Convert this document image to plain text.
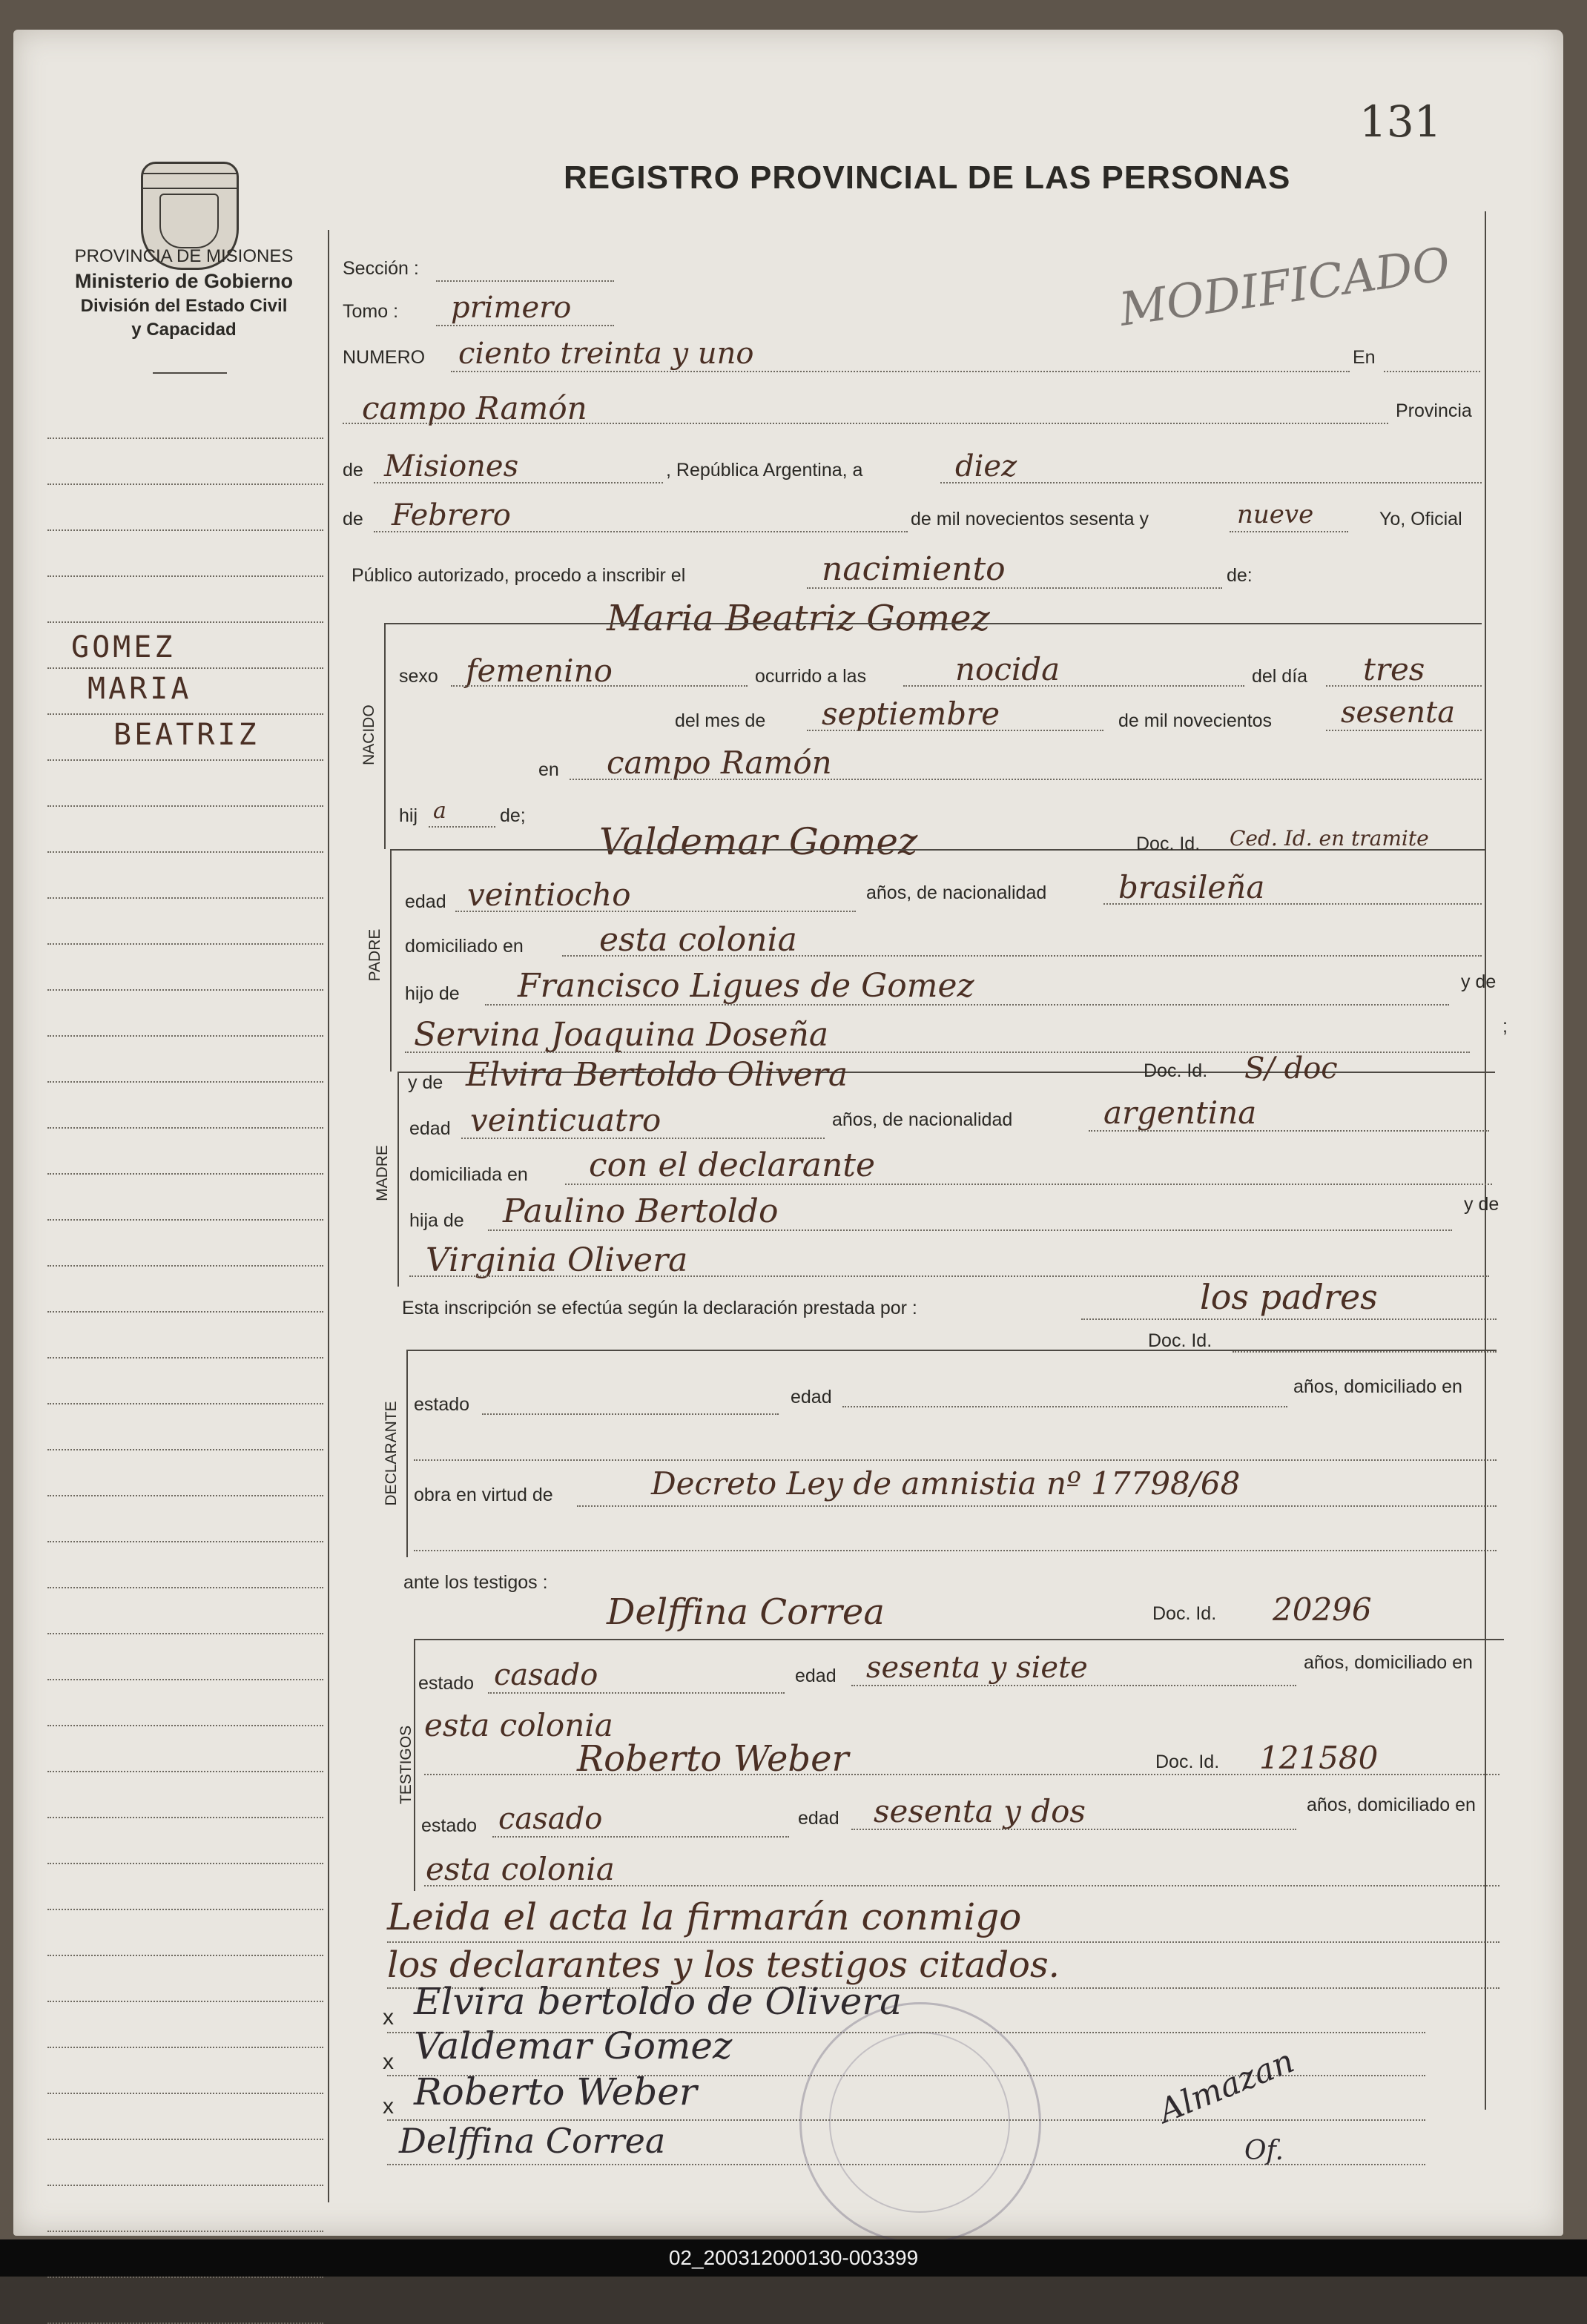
131
REGISTRO PROVINCIAL DE LAS PERSONAS
PROVINCIA DE MISIONES
Ministerio de Gobierno
División del Estado Civil
y Capacidad
GOMEZ
MARIA
BEATRIZ
MODIFICADO
Sección :
Tomo : primero
NUMERO ciento treinta y uno	En
campo Ramón	Provincia
de Misiones	, República Argentina, a	diez
de Febrero	de mil novecientos sesenta y	nueve	Yo, Oficial
Público autorizado, procedo a inscribir el	nacimiento	de:
Maria Beatriz Gomez
NACIDO
sexo femenino	ocurrido a las	nocida	del día tres
del mes de septiembre	de mil novecientos sesenta
en campo Ramón
hij a	de;
Valdemar Gomez
PADRE
Doc. Id. Ced. Id. en tramite
edad veintiocho	años, de nacionalidad brasileña
domiciliado en esta colonia
hijo de Francisco Ligues de Gomez	y de
Servina Joaquina Doseña	;
MADRE
y de Elvira Bertoldo Olivera	Doc. Id. S/ doc
edad veinticuatro	años, de nacionalidad	argentina
domiciliada en con el declarante
hija de Paulino Bertoldo	y de
Virginia Olivera
Esta inscripción se efectúa según la declaración prestada por :	los padres
DECLARANTE
Doc. Id.
estado	edad	años, domiciliado en
obra en virtud de	Decreto Ley de amnistia nº 17798/68
ante los testigos :
Delffina Correa
TESTIGOS
Doc. Id. 20296
estado casado	edad sesenta y siete	años, domiciliado en
esta colonia
Roberto Weber	Doc. Id. 121580
estado casado	edad sesenta y dos	años, domiciliado en
esta colonia
Leida el acta la firmarán conmigo
los declarantes y los testigos citados.
x Elvira bertoldo de Olivera
x Valdemar Gomez
x Roberto Weber
Delffina Correa
Almazan
Of.
02_200312000130-003399
